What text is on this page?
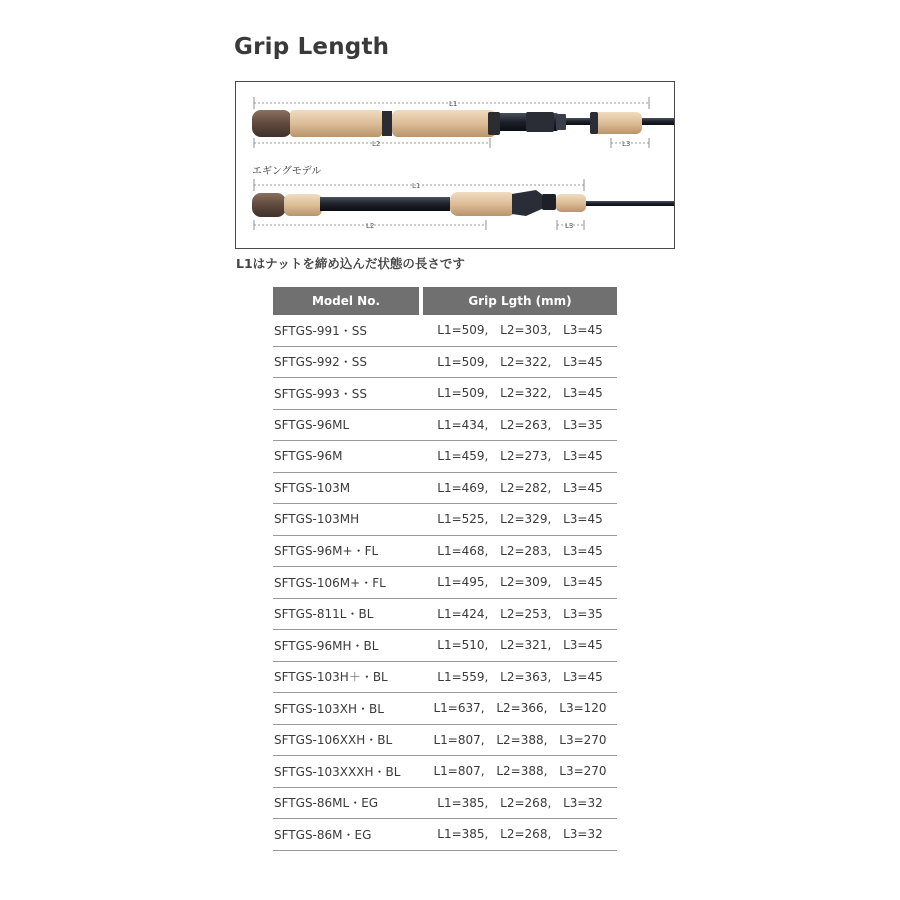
Grip Length
L1
L2	L3
エギングモデル
L1
L2	L3
L1はナットを締め込んだ状態の長さです
Model No.		Grip Lgth (mm)
SFTGS-991・SS		L1=509, L2=303, L3=45
SFTGS-992・SS		L1=509, L2=322, L3=45
SFTGS-993・SS		L1=509, L2=322, L3=45
SFTGS-96ML		L1=434, L2=263, L3=35
SFTGS-96M		L1=459, L2=273, L3=45
SFTGS-103M		L1=469, L2=282, L3=45
SFTGS-103MH		L1=525, L2=329, L3=45
SFTGS-96M+・FL		L1=468, L2=283, L3=45
SFTGS-106M+・FL		L1=495, L2=309, L3=45
SFTGS-811L・BL		L1=424, L2=253, L3=35
SFTGS-96MH・BL		L1=510, L2=321, L3=45
SFTGS-103H＋・BL		L1=559, L2=363, L3=45
SFTGS-103XH・BL		L1=637, L2=366, L3=120
SFTGS-106XXH・BL		L1=807, L2=388, L3=270
SFTGS-103XXXH・BL		L1=807, L2=388, L3=270
SFTGS-86ML・EG		L1=385, L2=268, L3=32
SFTGS-86M・EG		L1=385, L2=268, L3=32
